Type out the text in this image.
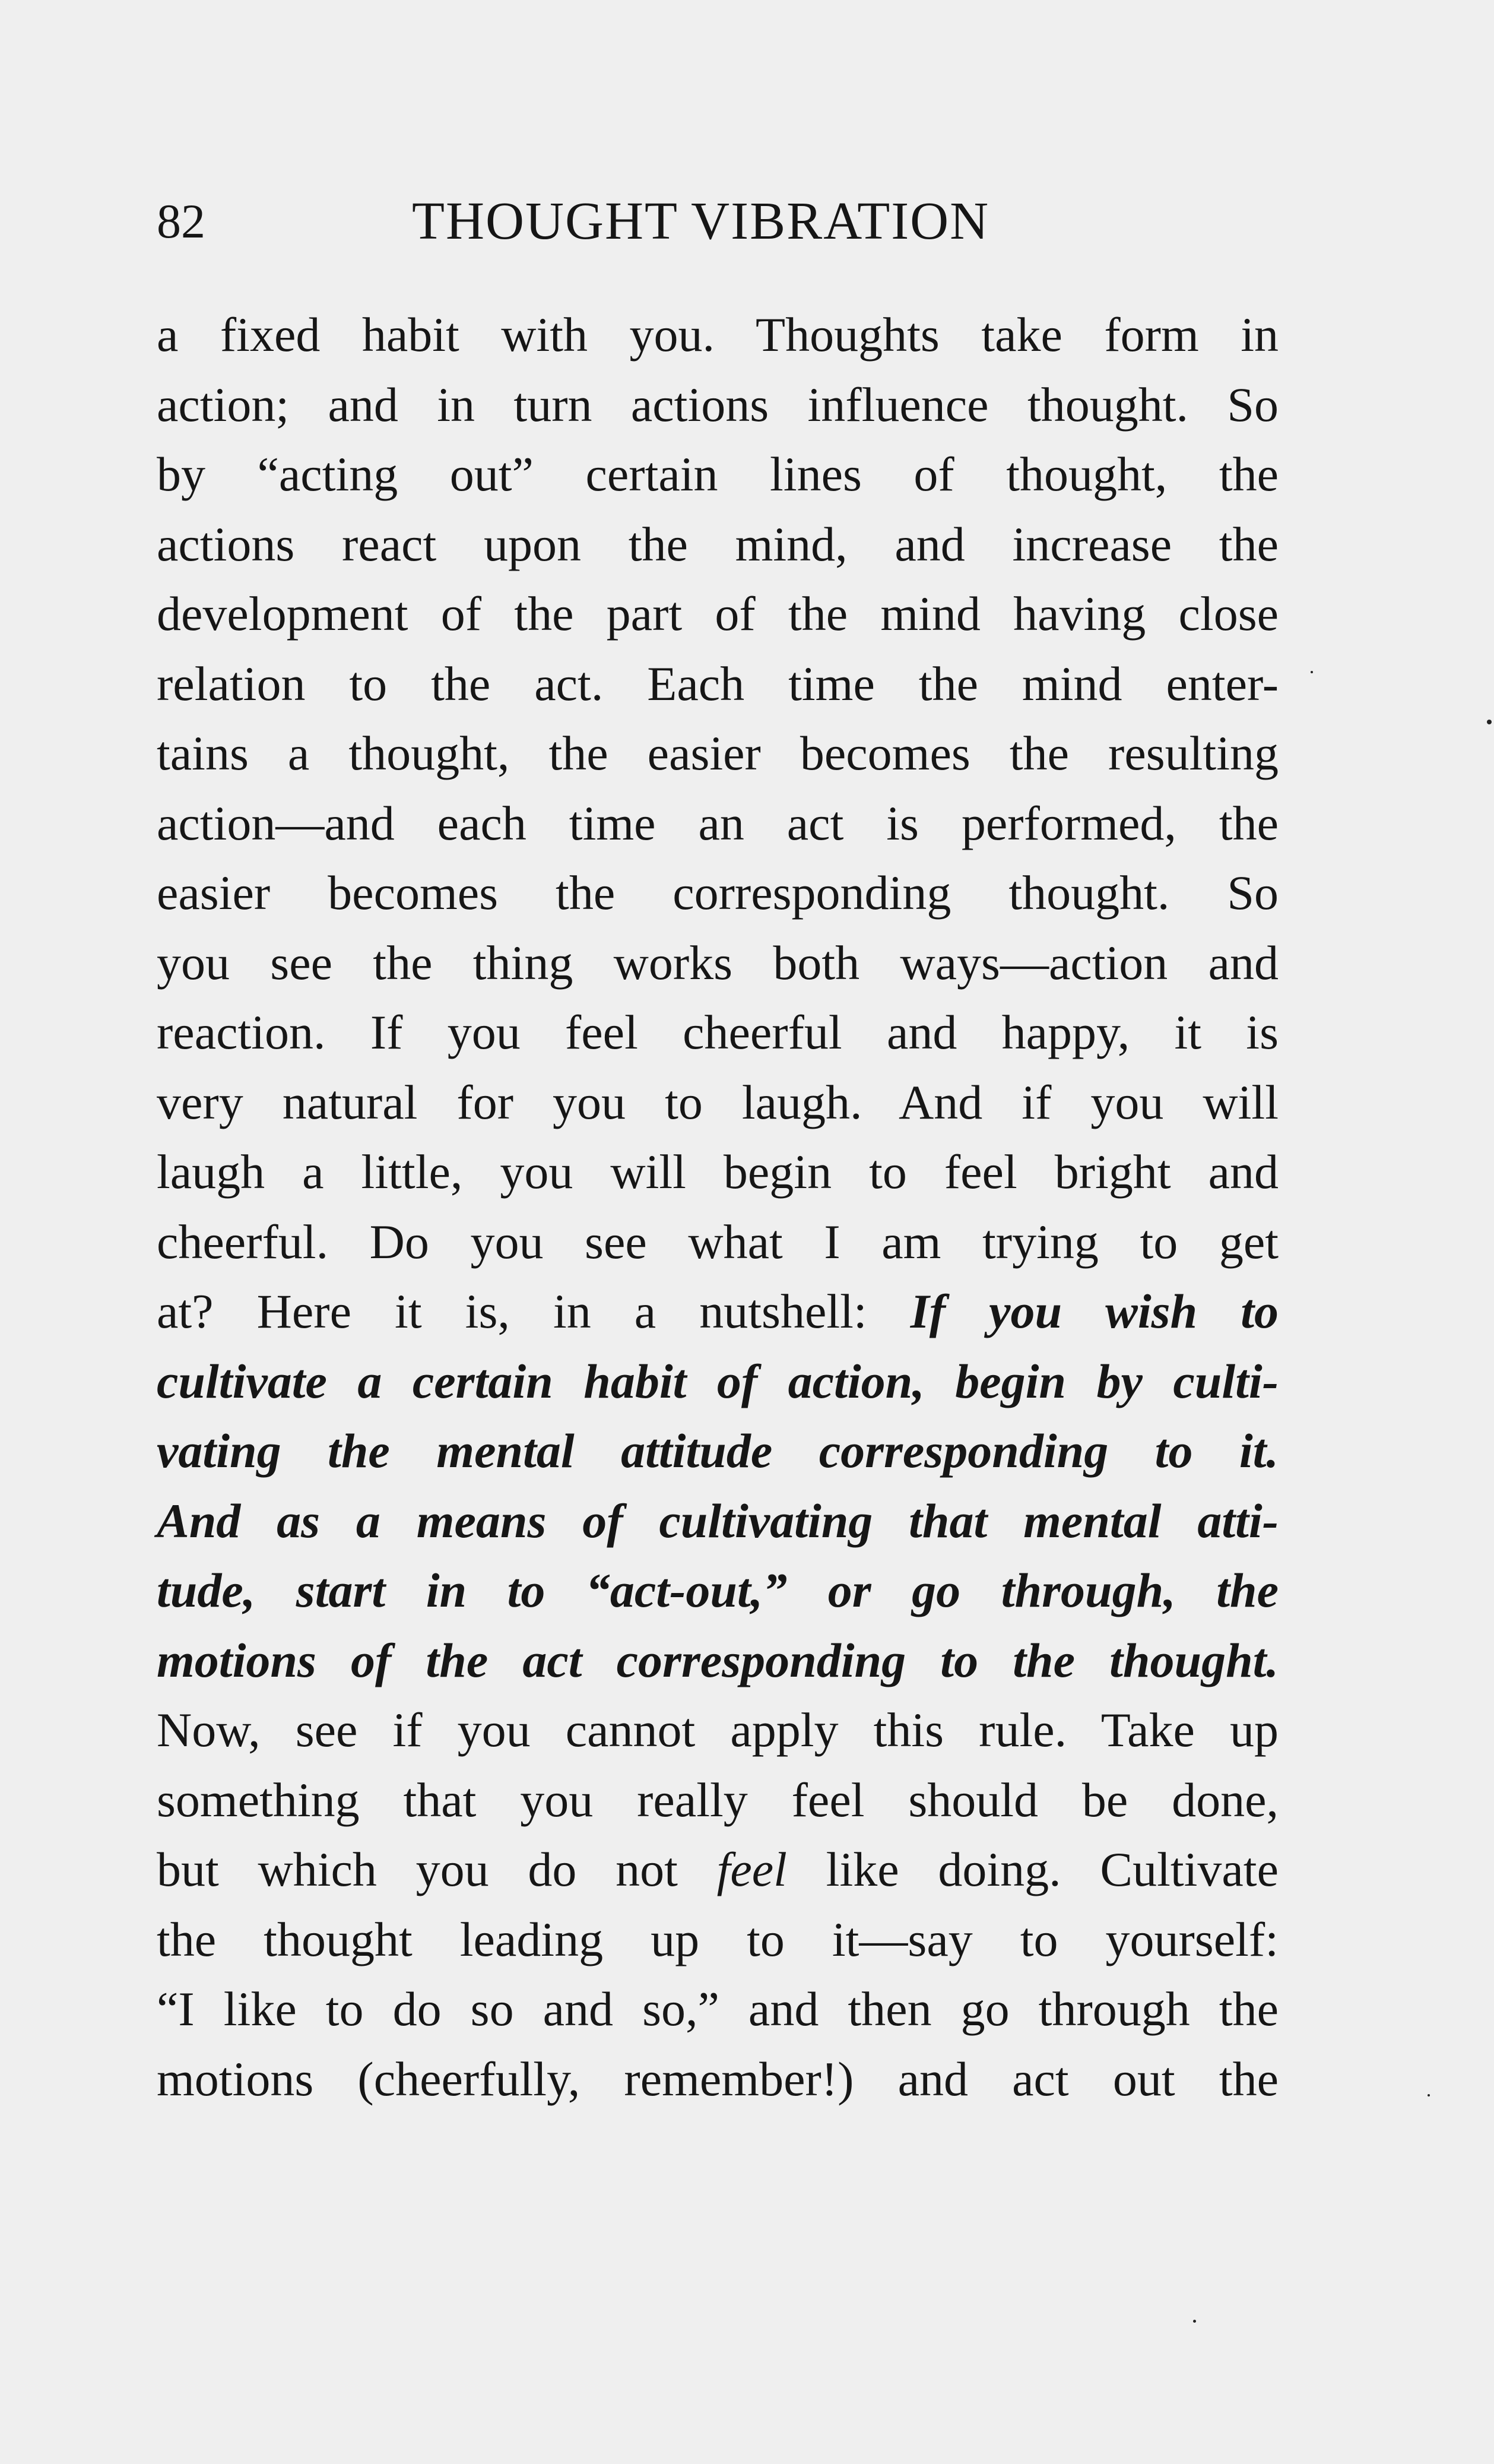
82	THOUGHT VIBRATION
a fixed habit with you. Thoughts take form in
action; and in turn actions influence thought. So
by “acting out” certain lines of thought, the
actions react upon the mind, and increase the
development of the part of the mind having close
relation to the act. Each time the mind enter-
tains a thought, the easier becomes the resulting
action—and each time an act is performed, the
easier becomes the corresponding thought. So
you see the thing works both ways—action and
reaction. If you feel cheerful and happy, it is
very natural for you to laugh. And if you will
laugh a little, you will begin to feel bright and
cheerful. Do you see what I am trying to get
at? Here it is, in a nutshell: If you wish to
cultivate a certain habit of action, begin by culti-
vating the mental attitude corresponding to it.
And as a means of cultivating that mental atti-
tude, start in to “act-out,” or go through, the
motions of the act corresponding to the thought.
Now, see if you cannot apply this rule. Take up
something that you really feel should be done,
but which you do not feel like doing. Cultivate
the thought leading up to it—say to yourself:
“I like to do so and so,” and then go through the
motions (cheerfully, remember!) and act out the
